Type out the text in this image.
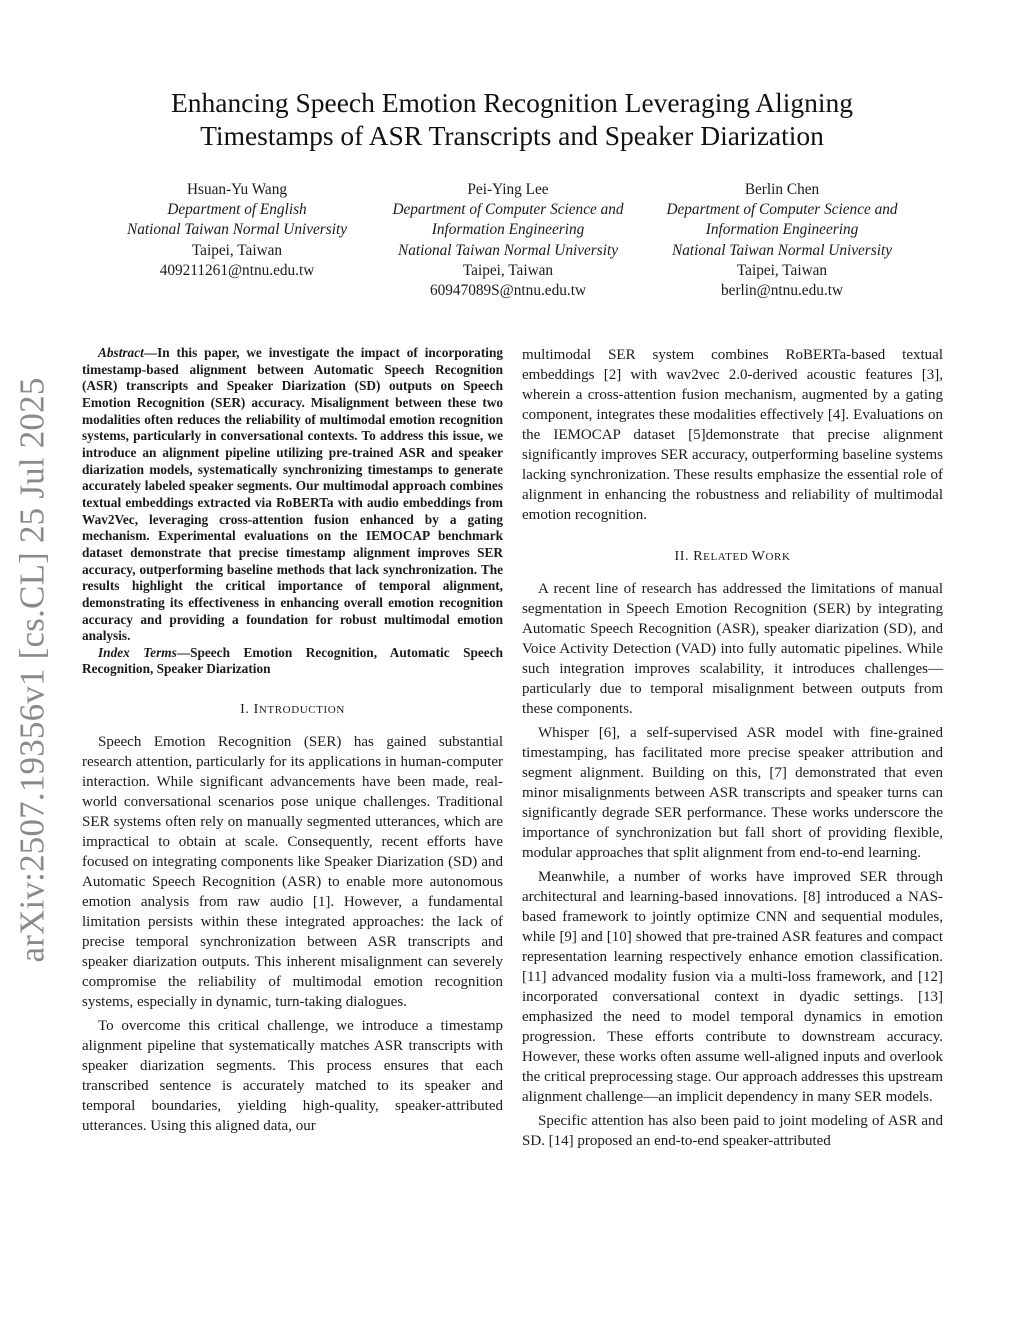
arXiv:2507.19356v1 [cs.CL] 25 Jul 2025
Enhancing Speech Emotion Recognition Leveraging Aligning
Timestamps of ASR Transcripts and Speaker Diarization
Hsuan-Yu Wang
Department of English
National Taiwan Normal University
Taipei, Taiwan
409211261@ntnu.edu.tw
Pei-Ying Lee
Department of Computer Science and
Information Engineering
National Taiwan Normal University
Taipei, Taiwan
60947089S@ntnu.edu.tw
Berlin Chen
Department of Computer Science and
Information Engineering
National Taiwan Normal University
Taipei, Taiwan
berlin@ntnu.edu.tw

Abstract—In this paper, we investigate the impact of incorporating timestamp-based alignment between Automatic Speech Recognition (ASR) transcripts and Speaker Diarization (SD) outputs on Speech Emotion Recognition (SER) accuracy. Misalignment between these two modalities often reduces the reliability of multimodal emotion recognition systems, particularly in conversational contexts. To address this issue, we introduce an alignment pipeline utilizing pre-trained ASR and speaker diarization models, systematically synchronizing timestamps to generate accurately labeled speaker segments. Our multimodal approach combines textual embeddings extracted via RoBERTa with audio embeddings from Wav2Vec, leveraging cross-attention fusion enhanced by a gating mechanism. Experimental evaluations on the IEMOCAP benchmark dataset demonstrate that precise timestamp alignment improves SER accuracy, outperforming baseline methods that lack synchronization. The results highlight the critical importance of temporal alignment, demonstrating its effectiveness in enhancing overall emotion recognition accuracy and providing a foundation for robust multimodal emotion analysis.

Index Terms—Speech Emotion Recognition, Automatic Speech Recognition, Speaker Diarization

I. INTRODUCTION

Speech Emotion Recognition (SER) has gained substantial research attention, particularly for its applications in human-computer interaction. While significant advancements have been made, real-world conversational scenarios pose unique challenges. Traditional SER systems often rely on manually segmented utterances, which are impractical to obtain at scale. Consequently, recent efforts have focused on integrating components like Speaker Diarization (SD) and Automatic Speech Recognition (ASR) to enable more autonomous emotion analysis from raw audio [1]. However, a fundamental limitation persists within these integrated approaches: the lack of precise temporal synchronization between ASR transcripts and speaker diarization outputs. This inherent misalignment can severely compromise the reliability of multimodal emotion recognition systems, especially in dynamic, turn-taking dialogues.

To overcome this critical challenge, we introduce a timestamp alignment pipeline that systematically matches ASR transcripts with speaker diarization segments. This process ensures that each transcribed sentence is accurately matched to its speaker and temporal boundaries, yielding high-quality, speaker-attributed utterances. Using this aligned data, our

multimodal SER system combines RoBERTa-based textual embeddings [2] with wav2vec 2.0-derived acoustic features [3], wherein a cross-attention fusion mechanism, augmented by a gating component, integrates these modalities effectively [4]. Evaluations on the IEMOCAP dataset [5]demonstrate that precise alignment significantly improves SER accuracy, outperforming baseline systems lacking synchronization. These results emphasize the essential role of alignment in enhancing the robustness and reliability of multimodal emotion recognition.

II. RELATED WORK

A recent line of research has addressed the limitations of manual segmentation in Speech Emotion Recognition (SER) by integrating Automatic Speech Recognition (ASR), speaker diarization (SD), and Voice Activity Detection (VAD) into fully automatic pipelines. While such integration improves scalability, it introduces challenges—particularly due to temporal misalignment between outputs from these components.

Whisper [6], a self-supervised ASR model with fine-grained timestamping, has facilitated more precise speaker attribution and segment alignment. Building on this, [7] demonstrated that even minor misalignments between ASR transcripts and speaker turns can significantly degrade SER performance. These works underscore the importance of synchronization but fall short of providing flexible, modular approaches that split alignment from end-to-end learning.

Meanwhile, a number of works have improved SER through architectural and learning-based innovations. [8] introduced a NAS-based framework to jointly optimize CNN and sequential modules, while [9] and [10] showed that pre-trained ASR features and compact representation learning respectively enhance emotion classification. [11] advanced modality fusion via a multi-loss framework, and [12] incorporated conversational context in dyadic settings. [13] emphasized the need to model temporal dynamics in emotion progression. These efforts contribute to downstream accuracy. However, these works often assume well-aligned inputs and overlook the critical preprocessing stage. Our approach addresses this upstream alignment challenge—an implicit dependency in many SER models.

Specific attention has also been paid to joint modeling of ASR and SD. [14] proposed an end-to-end speaker-attributed
